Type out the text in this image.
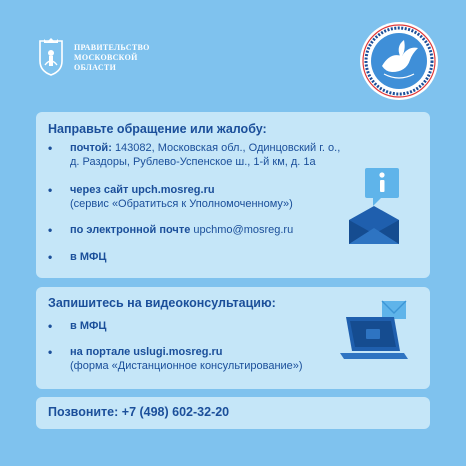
ПРАВИТЕЛЬСТВО
МОСКОВСКОЙ
ОБЛАСТИ
Направьте обращение или жалобу:
• почтой: 143082, Московская обл., Одинцовский г. о.,
д. Раздоры, Рублево-Успенское ш., 1-й км, д. 1а
• через сайт upch.mosreg.ru
(сервис «Обратиться к Уполномоченному»)
• по электронной почте upchmo@mosreg.ru
• в МФЦ
Запишитесь на видеоконсультацию:
• в МФЦ
• на портале uslugi.mosreg.ru
(форма «Дистанционное консультирование»)
Позвоните: +7 (498) 602-32-20
